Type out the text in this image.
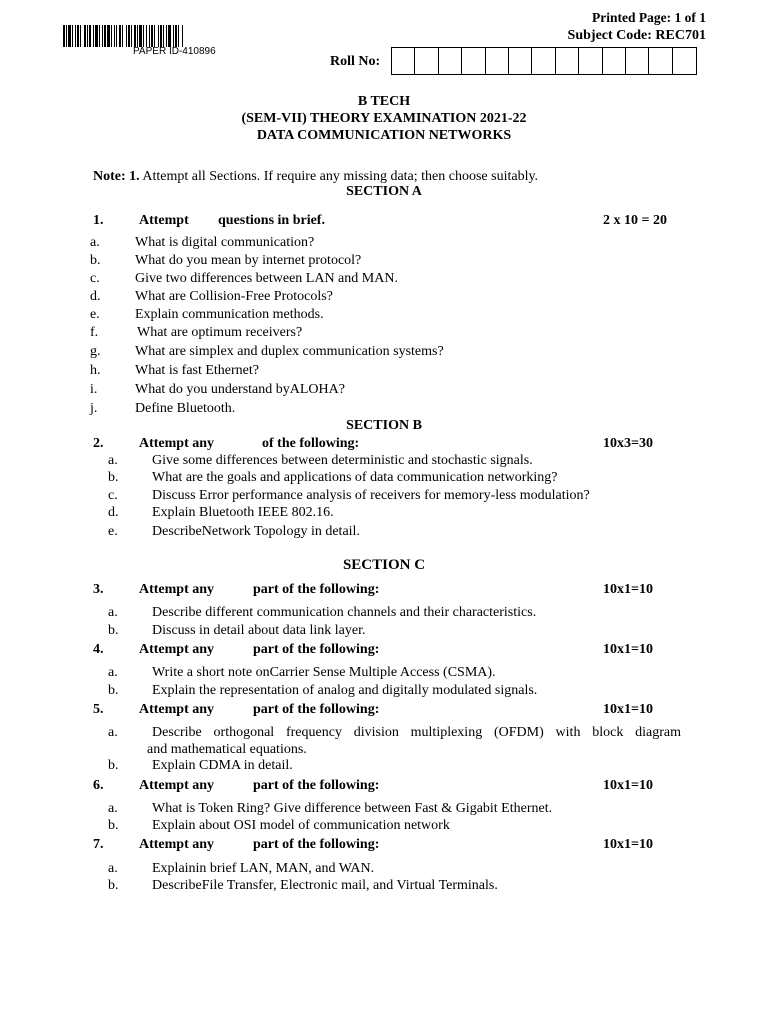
Printed Page: 1 of 1
Subject Code: REC701
PAPER ID-410896
Roll No:
B TECH
(SEM-VII) THEORY EXAMINATION 2021-22
DATA COMMUNICATION NETWORKS
Note: 1. Attempt all Sections. If require any missing data; then choose suitably.
SECTION A
1.	Attempt questions in brief.	2 x 10 = 20
a.	What is digital communication?
b. What do you mean by internet protocol?
c.	Give two differences between LAN and MAN.
d. What are Collision-Free Protocols?
e.	Explain communication methods.
f.	What are optimum receivers?
g. What are simplex and duplex communication systems?
h. What is fast Ethernet?
i.	What do you understand byALOHA?
j.	Define Bluetooth.
SECTION B
2.	Attempt any	of the following:	10x3=30
a. Give some differences between deterministic and stochastic signals.
b. What are the goals and applications of data communication networking?
c. Discuss Error performance analysis of receivers for memory-less modulation?
d. Explain Bluetooth IEEE 802.16.
e. DescribeNetwork Topology in detail.
SECTION C
3.	Attempt any	part of the following:	10x1=10
a. Describe different communication channels and their characteristics.
b. Discuss in detail about data link layer.
4.	Attempt any	part of the following:	10x1=10
a. Write a short note onCarrier Sense Multiple Access (CSMA).
b. Explain the representation of analog and digitally modulated signals.
5.	Attempt any	part of the following:	10x1=10
a. Describe orthogonal frequency division multiplexing (OFDM) with block diagram
and mathematical equations.
b. Explain CDMA in detail.
6.	Attempt any	part of the following:	10x1=10
a. What is Token Ring? Give difference between Fast & Gigabit Ethernet.
b. Explain about OSI model of communication network
7.	Attempt any	part of the following:	10x1=10
a. Explainin brief LAN, MAN, and WAN.
b. DescribeFile Transfer, Electronic mail, and Virtual Terminals.
